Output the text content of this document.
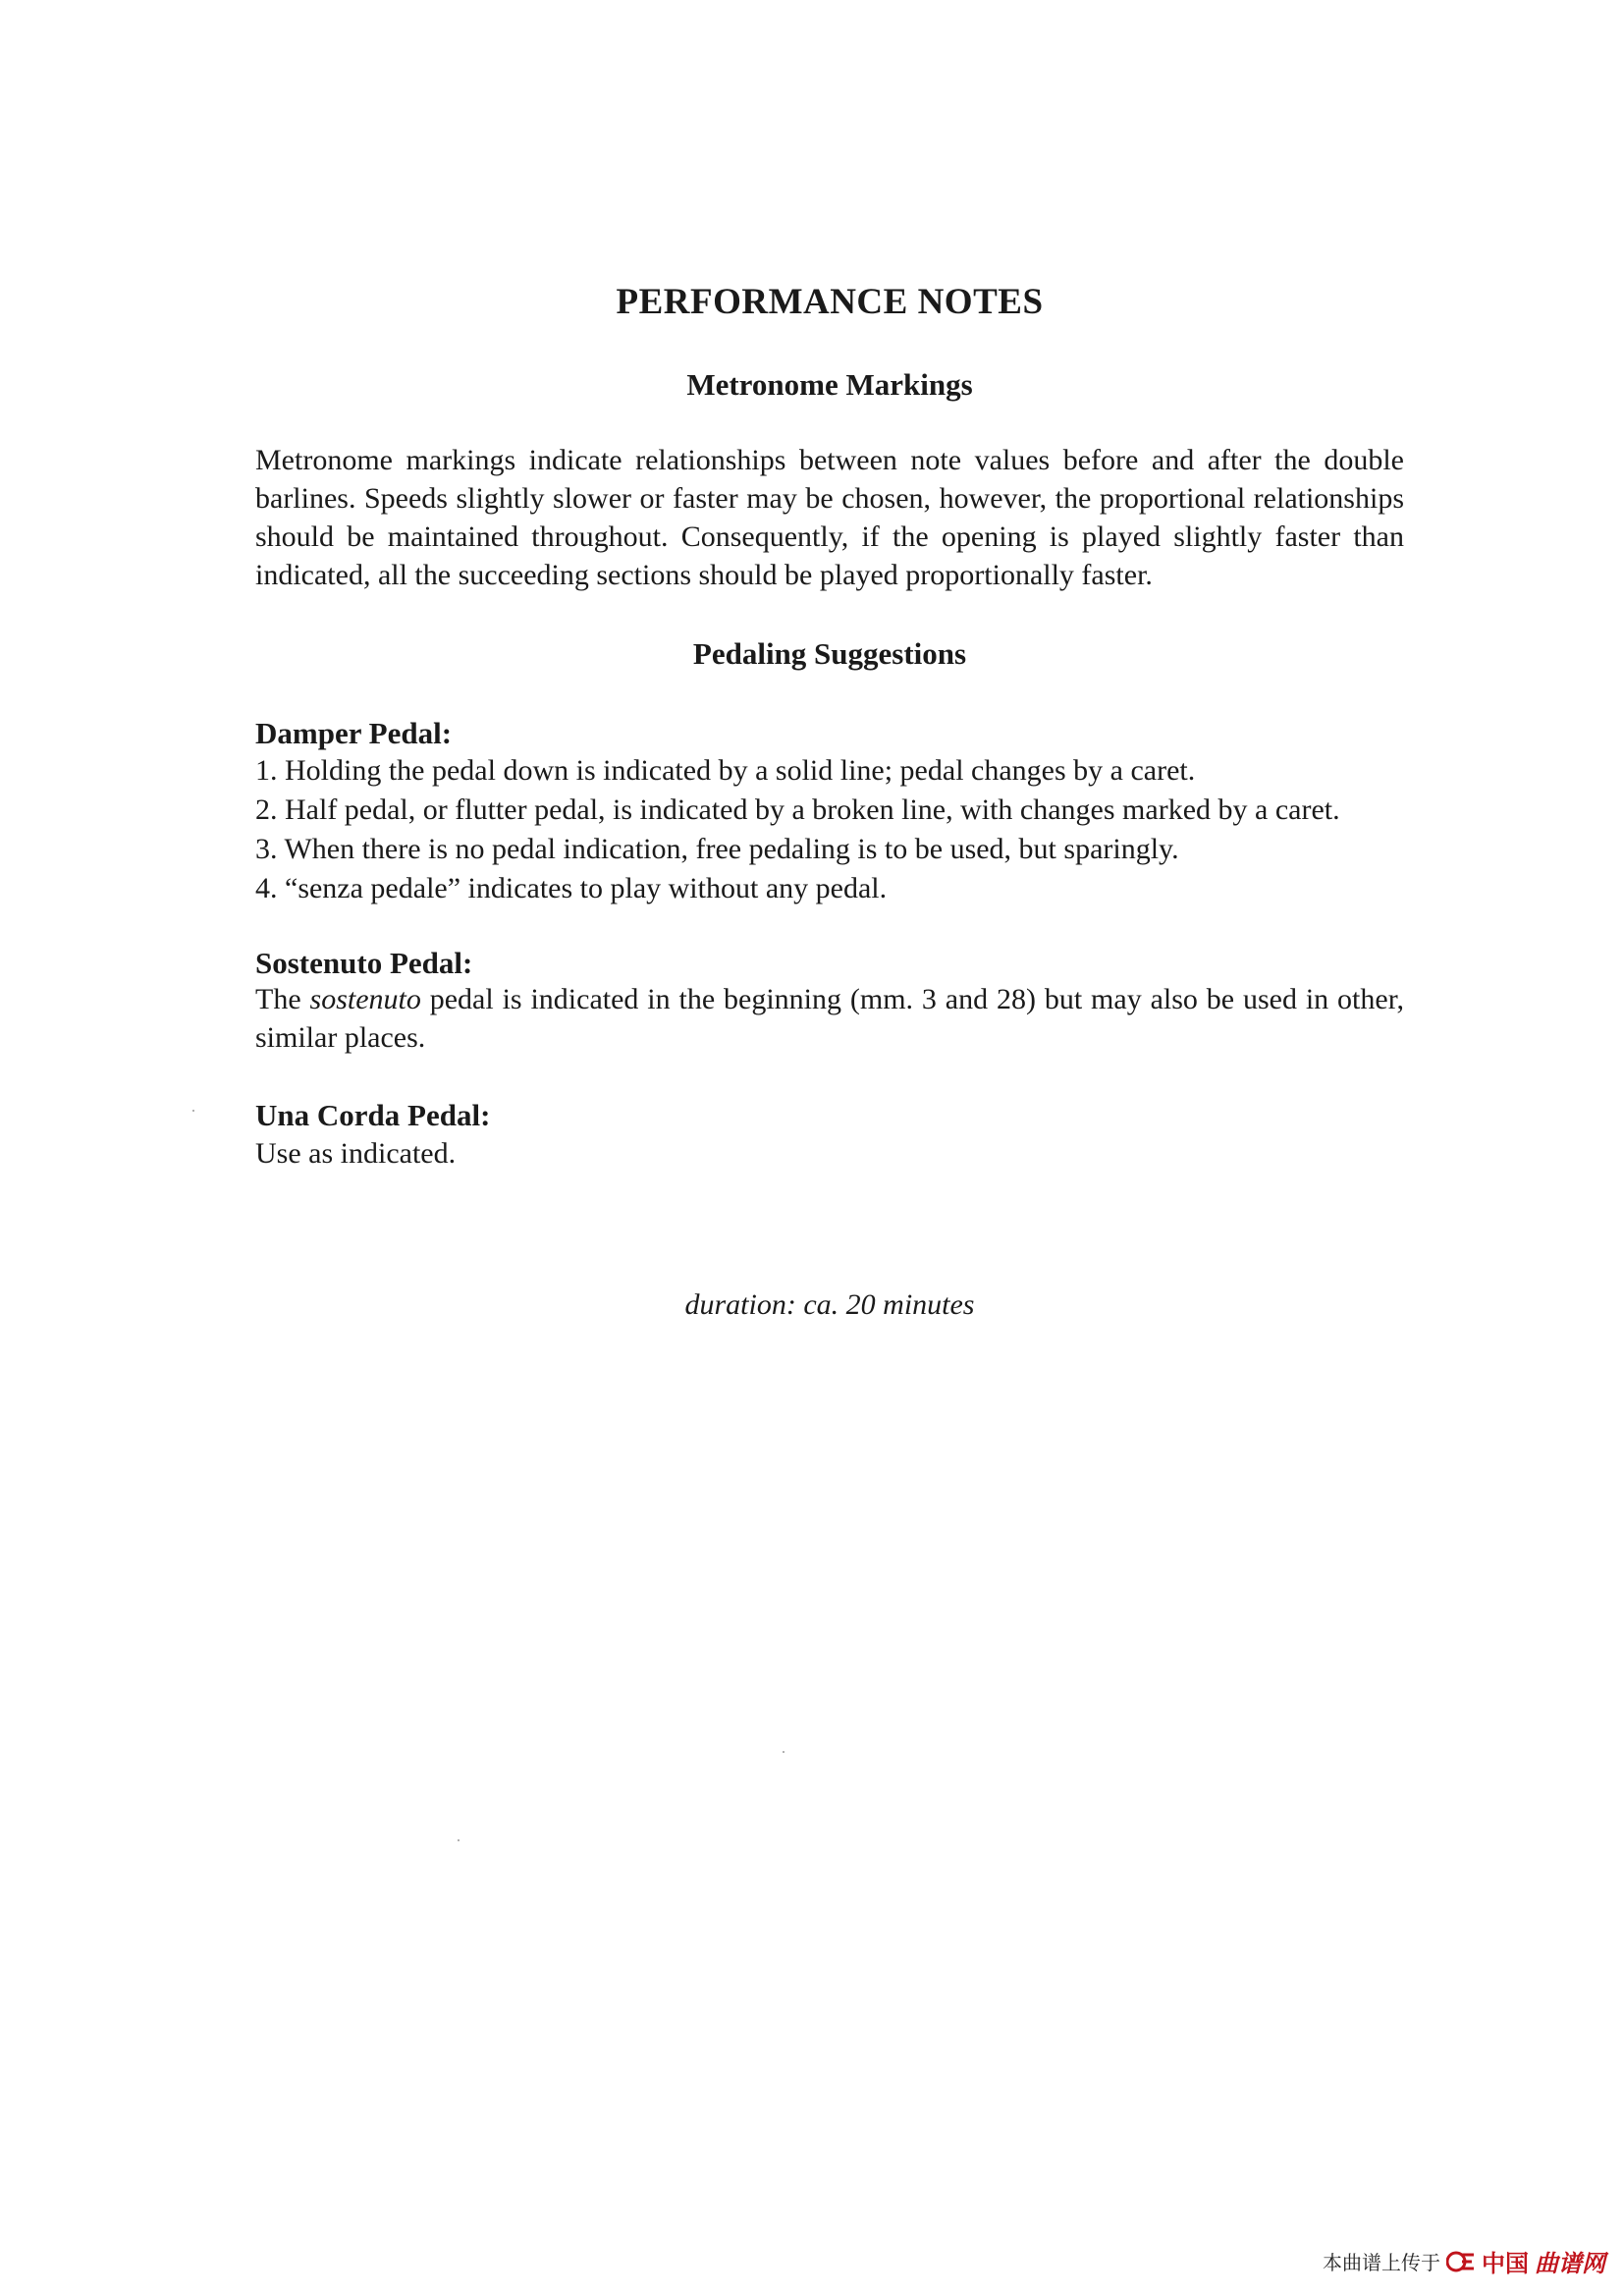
PERFORMANCE NOTES
Metronome Markings
Metronome markings indicate relationships between note values before and after the double barlines. Speeds slightly slower or faster may be chosen, however, the proportional relationships should be maintained throughout. Consequently, if the opening is played slightly faster than indicated, all the succeeding sections should be played proportionally faster.
Pedaling Suggestions
Damper Pedal:
1. Holding the pedal down is indicated by a solid line; pedal changes by a caret.
2. Half pedal, or flutter pedal, is indicated by a broken line, with changes marked by a caret.
3. When there is no pedal indication, free pedaling is to be used, but sparingly.
4. “senza pedale” indicates to play without any pedal.
Sostenuto Pedal:
The sostenuto pedal is indicated in the beginning (mm. 3 and 28) but may also be used in other, similar places.
Una Corda Pedal:
Use as indicated.
duration: ca. 20 minutes
本曲谱上传于 中国 曲谱网
